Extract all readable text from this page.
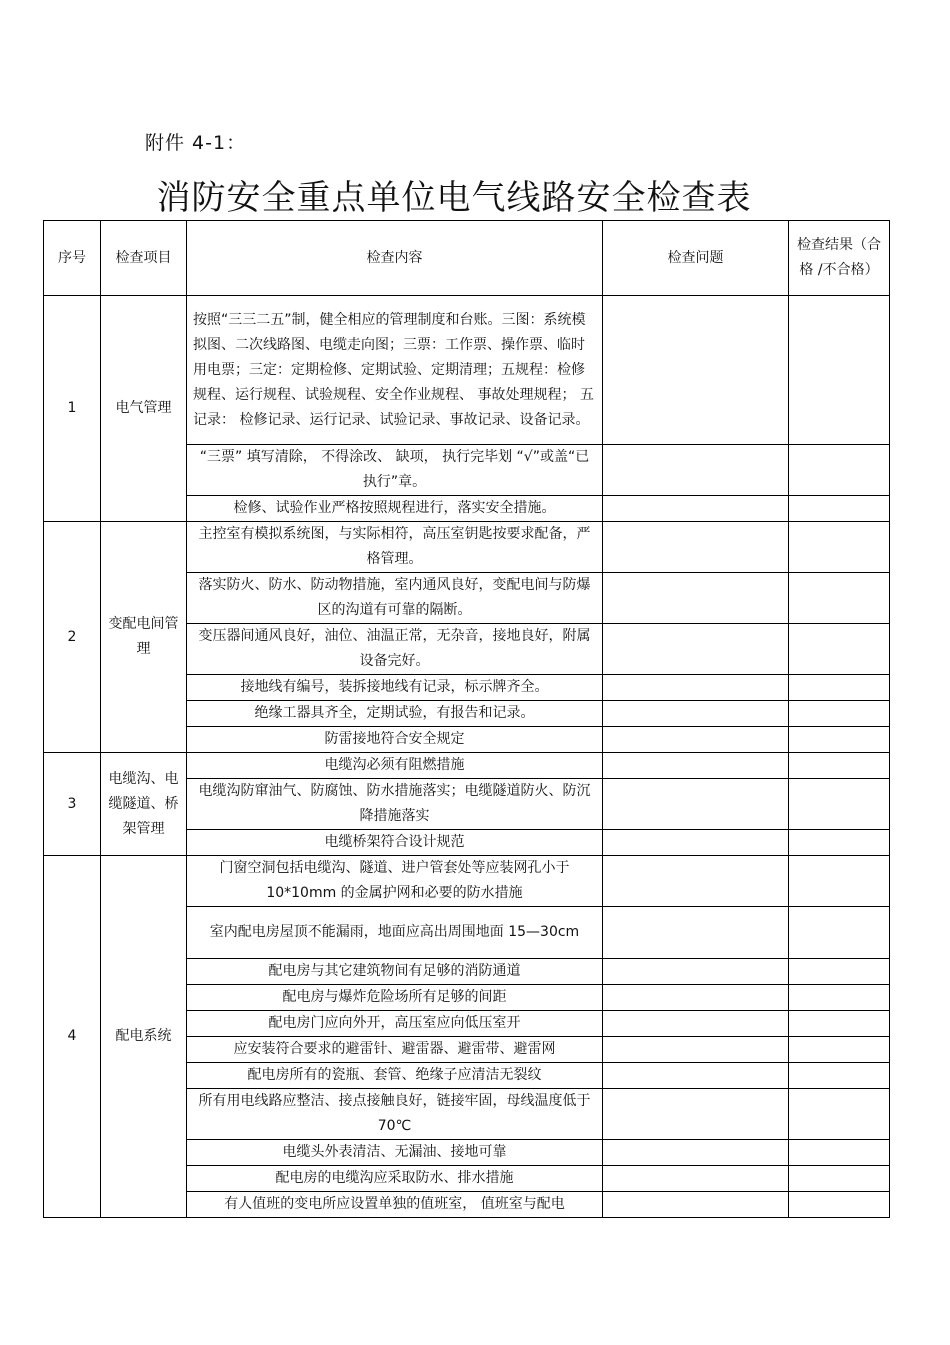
附件 4-1：
消防安全重点单位电气线路安全检查表
序号	检查项目	检查内容	检查问题	检查结果（合格 /不合格）
1	电气管理	按照“三三二五”制，健全相应的管理制度和台账。三图：系统模拟图、二次线路图、电缆走向图；三票：工作票、操作票、临时用电票；三定：定期检修、定期试验、定期清理；五规程：检修规程、运行规程、试验规程、安全作业规程、 事故处理规程； 五记录： 检修记录、运行记录、试验记录、事故记录、设备记录。		
		“三票” 填写清除， 不得涂改、 缺项， 执行完毕划 “√”或盖“已执行”章。		
		检修、试验作业严格按照规程进行，落实安全措施。		
2	变配电间管理	主控室有模拟系统图，与实际相符，高压室钥匙按要求配备，严格管理。		
		落实防火、防水、防动物措施，室内通风良好，变配电间与防爆区的沟道有可靠的隔断。		
		变压器间通风良好，油位、油温正常，无杂音，接地良好，附属设备完好。		
		接地线有编号，装拆接地线有记录，标示牌齐全。		
		绝缘工器具齐全，定期试验，有报告和记录。		
		防雷接地符合安全规定		
3	电缆沟、电缆隧道、桥架管理	电缆沟必须有阻燃措施		
		电缆沟防窜油气、防腐蚀、防水措施落实；电缆隧道防火、防沉降措施落实		
		电缆桥架符合设计规范		
4	配电系统	门窗空洞包括电缆沟、隧道、进户管套处等应装网孔小于 10*10mm 的金属护网和必要的防水措施		
		室内配电房屋顶不能漏雨，地面应高出周围地面 15—30cm		
		配电房与其它建筑物间有足够的消防通道		
		配电房与爆炸危险场所有足够的间距		
		配电房门应向外开，高压室应向低压室开		
		应安装符合要求的避雷针、避雷器、避雷带、避雷网		
		配电房所有的瓷瓶、套管、绝缘子应清洁无裂纹		
		所有用电线路应整洁、接点接触良好，链接牢固，母线温度低于 70℃		
		电缆头外表清洁、无漏油、接地可靠		
		配电房的电缆沟应采取防水、排水措施		
		有人值班的变电所应设置单独的值班室， 值班室与配电		
